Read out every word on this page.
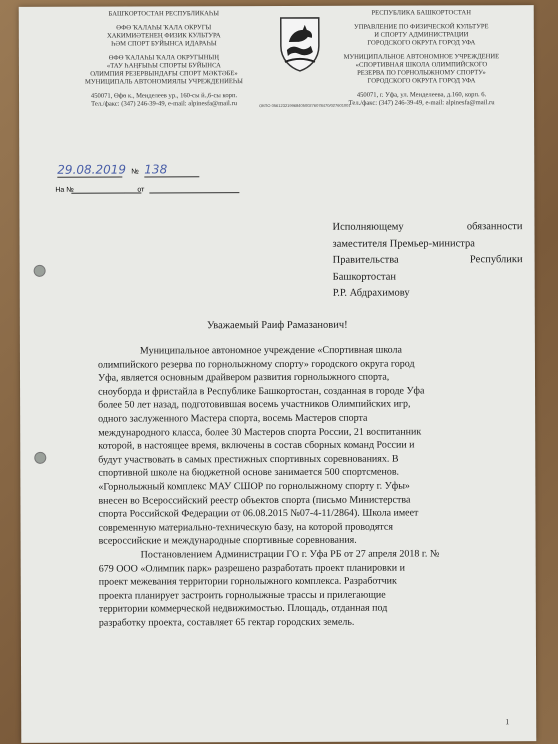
БАШҠОРТОСТАН РЕСПУБЛИКАҺЫ
ӨФӨ ҠАЛАҺЫ ҠАЛА ОКРУГЫ
ХАКИМИӘТЕНЕҢ ФИЗИК КУЛЬТУРА
ҺӘМ СПОРТ БУЙЫНСА ИДАРАҺЫ
ӨФӨ ҠАЛАҺЫ ҠАЛА ОКРУГЫНЫҢ
«ТАУ ҺАҢҒЫҺЫ СПОРТЫ БУЙЫНСА
ОЛИМПИЯ РЕЗЕРВЫНДАҒЫ СПОРТ МӘКТӘБЕ»
МУНИЦИПАЛЬ АВТОНОМИЯЛЫ УЧРЕЖДЕНИЕҺЫ
450071, Өфө к., Менделеев ур., 160-сы й.,6-сы корп.
Тел./факс: (347) 246-39-49, e-mail: alpinesfa@mail.ru	ОКПО 05612321996840500276078470/027601001
РЕСПУБЛИКА БАШКОРТОСТАН
УПРАВЛЕНИЕ ПО ФИЗИЧЕСКОЙ КУЛЬТУРЕ
И СПОРТУ АДМИНИСТРАЦИИ
ГОРОДСКОГО ОКРУГА ГОРОД УФА
МУНИЦИПАЛЬНОЕ АВТОНОМНОЕ УЧРЕЖДЕНИЕ
«СПОРТИВНАЯ ШКОЛА ОЛИМПИЙСКОГО
РЕЗЕРВА ПО ГОРНОЛЫЖНОМУ СПОРТУ»
ГОРОДСКОГО ОКРУГА ГОРОД УФА
450071, г. Уфа, ул. Менделеева, д.160, корп. 6.
Тел./факс: (347) 246-39-49, e-mail: alpinesfa@mail.ru
29.08.2019 № 138
На №	от
Исполняющему	обязанности
заместителя Премьер-министра
Правительства	Республики
Башкортостан
Р.Р. Абдрахимову
Уважаемый Раиф Рамазанович!
Муниципальное автономное учреждение «Спортивная школа
олимпийского резерва по горнолыжному спорту» городского округа город
Уфа, является основным драйвером развития горнолыжного спорта,
сноуборда и фристайла в Республике Башкортостан, созданная в городе Уфа
более 50 лет назад, подготовившая восемь участников Олимпийских игр,
одного заслуженного Мастера спорта, восемь Мастеров спорта
международного класса, более 30 Мастеров спорта России, 21 воспитанник
которой, в настоящее время, включены в состав сборных команд России и
будут участвовать в самых престижных спортивных соревнованиях. В
спортивной школе на бюджетной основе занимается 500 спортсменов.
«Горнолыжный комплекс МАУ СШОР по горнолыжному спорту г. Уфы»
внесен во Всероссийский реестр объектов спорта (письмо Министерства
спорта Российской Федерации от 06.08.2015 №07-4-11/2864). Школа имеет
современную материально-техническую базу, на которой проводятся
всероссийские и международные спортивные соревнования.
Постановлением Администрации ГО г. Уфа РБ от 27 апреля 2018 г. №
679 ООО «Олимпик парк» разрешено разработать проект планировки и
проект межевания территории горнолыжного комплекса. Разработчик
проекта планирует застроить горнолыжные трассы и прилегающие
территории коммерческой недвижимостью. Площадь, отданная под
разработку проекта, составляет 65 гектар городских земель.
1
